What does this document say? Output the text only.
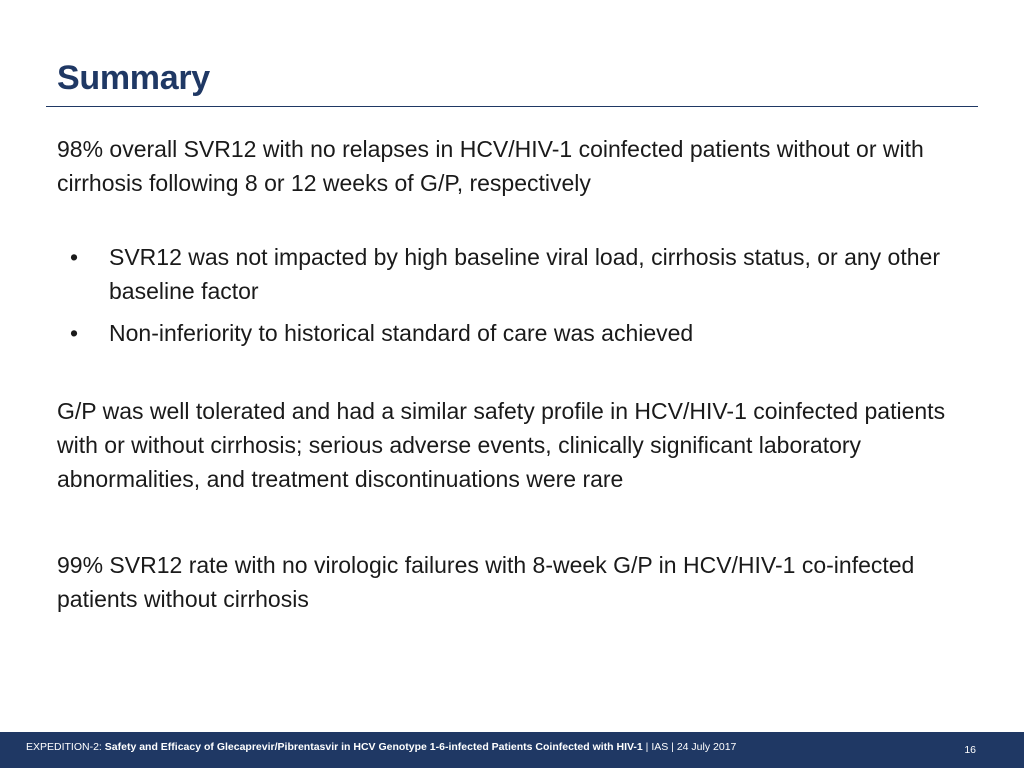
Summary

98% overall SVR12 with no relapses in HCV/HIV-1 coinfected patients without or with cirrhosis following 8 or 12 weeks of G/P, respectively

• SVR12 was not impacted by high baseline viral load, cirrhosis status, or any other baseline factor
• Non-inferiority to historical standard of care was achieved

G/P was well tolerated and had a similar safety profile in HCV/HIV-1 coinfected patients with or without cirrhosis; serious adverse events, clinically significant laboratory abnormalities, and treatment discontinuations were rare

99% SVR12 rate with no virologic failures with 8-week G/P in HCV/HIV-1 co-infected patients without cirrhosis

EXPEDITION-2: Safety and Efficacy of Glecaprevir/Pibrentasvir in HCV Genotype 1-6-infected Patients Coinfected with HIV-1 | IAS | 24 July 2017	16
